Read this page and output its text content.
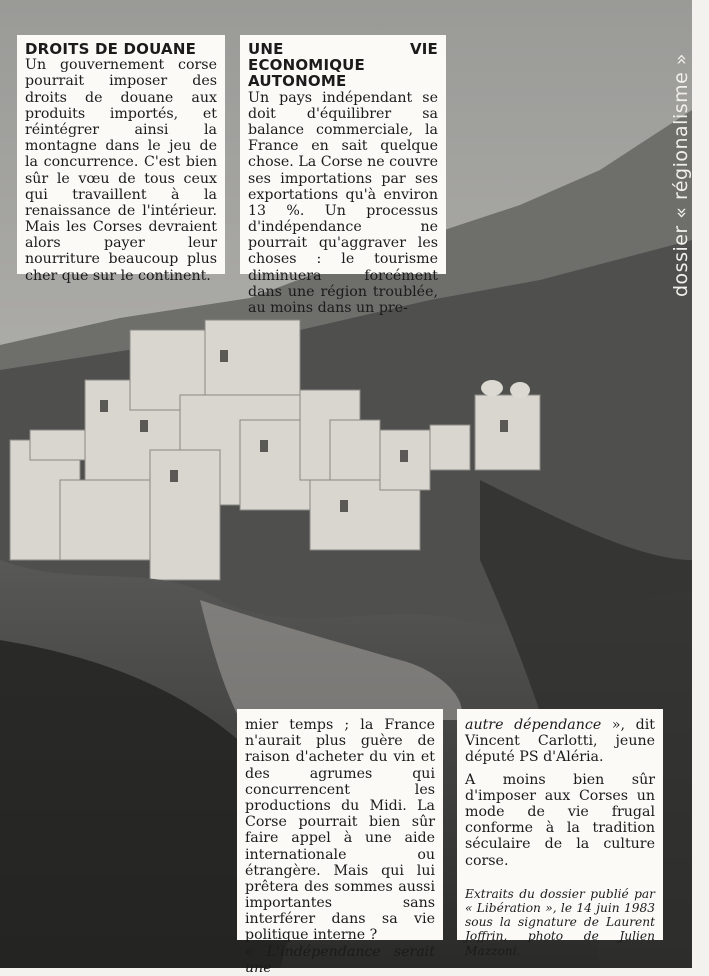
dossier « régionalisme »
DROITS DE DOUANE

Un gouvernement corse pourrait imposer des droits de douane aux produits importés, et réintégrer ainsi la montagne dans le jeu de la concurrence. C'est bien sûr le vœu de tous ceux qui travaillent à la renaissance de l'intérieur. Mais les Corses devraient alors payer leur nourriture beaucoup plus cher que sur le continent.

UNE VIE ECONOMIQUE AUTONOME

Un pays indépendant se doit d'équilibrer sa balance commerciale, la France en sait quelque chose. La Corse ne couvre ses importations par ses exportations qu'à environ 13 %. Un processus d'indépendance ne pourrait qu'aggraver les choses : le tourisme diminuera forcément dans une région troublée, au moins dans un pre-

mier temps ; la France n'aurait plus guère de raison d'acheter du vin et des agrumes qui concurrencent les productions du Midi. La Corse pourrait bien sûr faire appel à une aide internationale ou étrangère. Mais qui lui prêtera des sommes aussi importantes sans interférer dans sa vie politique interne ?

« L'indépendance serait une

autre dépendance », dit Vincent Carlotti, jeune député PS d'Aléria.

A moins bien sûr d'imposer aux Corses un mode de vie frugal conforme à la tradition séculaire de la culture corse.

Extraits du dossier publié par « Libération », le 14 juin 1983 sous la signature de Laurent Joffrin, photo de Julien Mazzoni.
